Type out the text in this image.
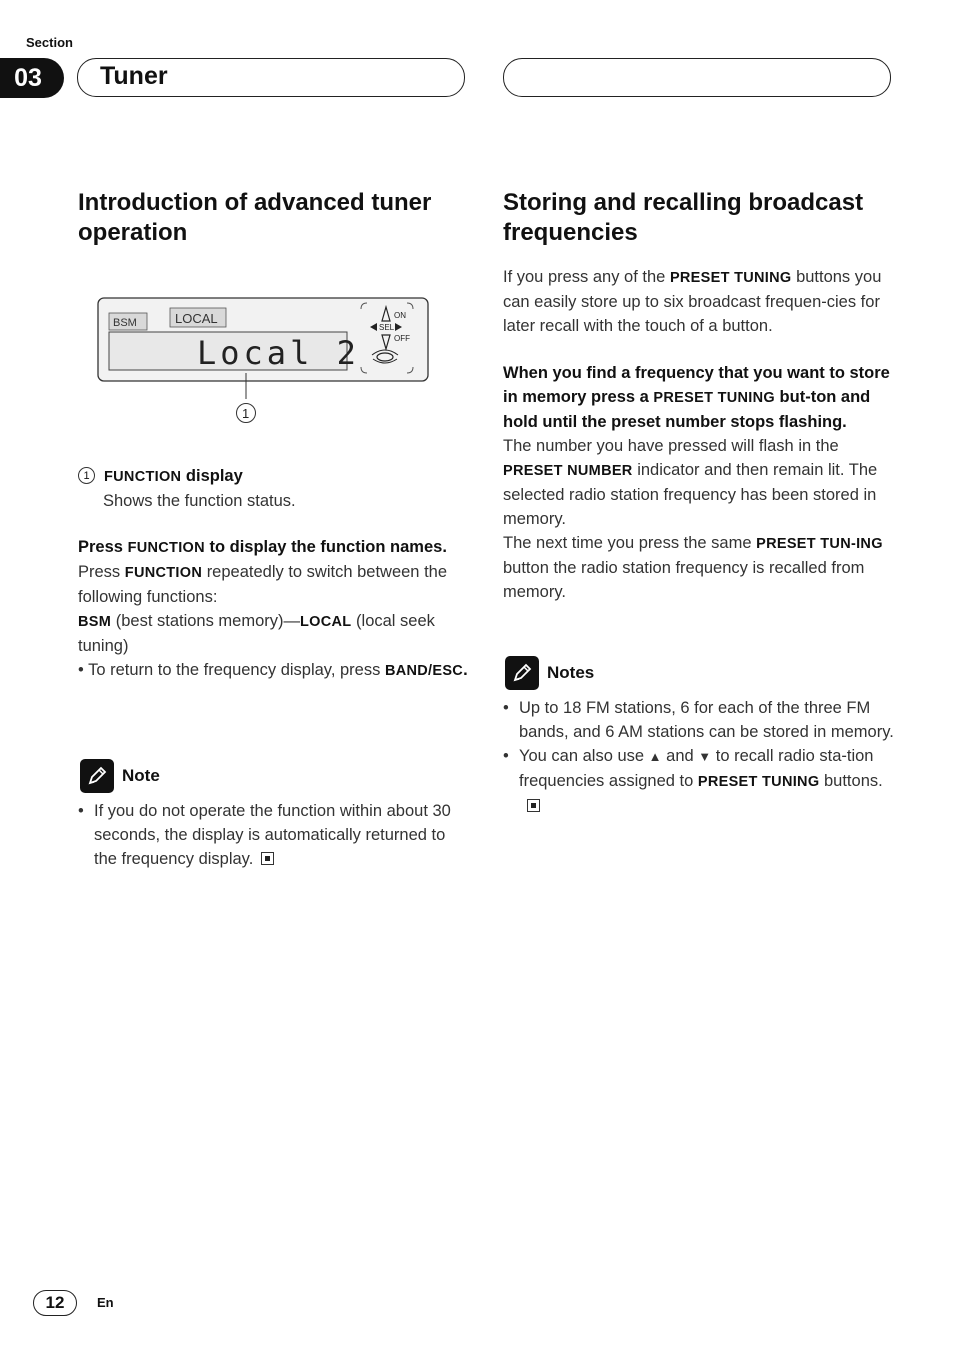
Section
03	Tuner
Introduction of advanced tuner operation
BSM	LOCAL
Local 2
ON
SEL
OFF
1

1 FUNCTION display

Shows the function status.

Press FUNCTION to display the function names.

Press FUNCTION repeatedly to switch between the following functions:

BSM (best stations memory)—LOCAL (local seek tuning)

• To return to the frequency display, press BAND/ESC.

Note
• If you do not operate the function within about 30 seconds, the display is automatically returned to the frequency display.
Storing and recalling broadcast frequencies

If you press any of the PRESET TUNING buttons you can easily store up to six broadcast frequen-cies for later recall with the touch of a button.

When you find a frequency that you want to store in memory press a PRESET TUNING but-ton and hold until the preset number stops flashing.

The number you have pressed will flash in the PRESET NUMBER indicator and then remain lit. The selected radio station frequency has been stored in memory.

The next time you press the same PRESET TUN-ING button the radio station frequency is recalled from memory.

Notes
• Up to 18 FM stations, 6 for each of the three FM bands, and 6 AM stations can be stored in memory.
• You can also use ▲ and ▼ to recall radio sta-tion frequencies assigned to PRESET TUNING buttons.
12	En
